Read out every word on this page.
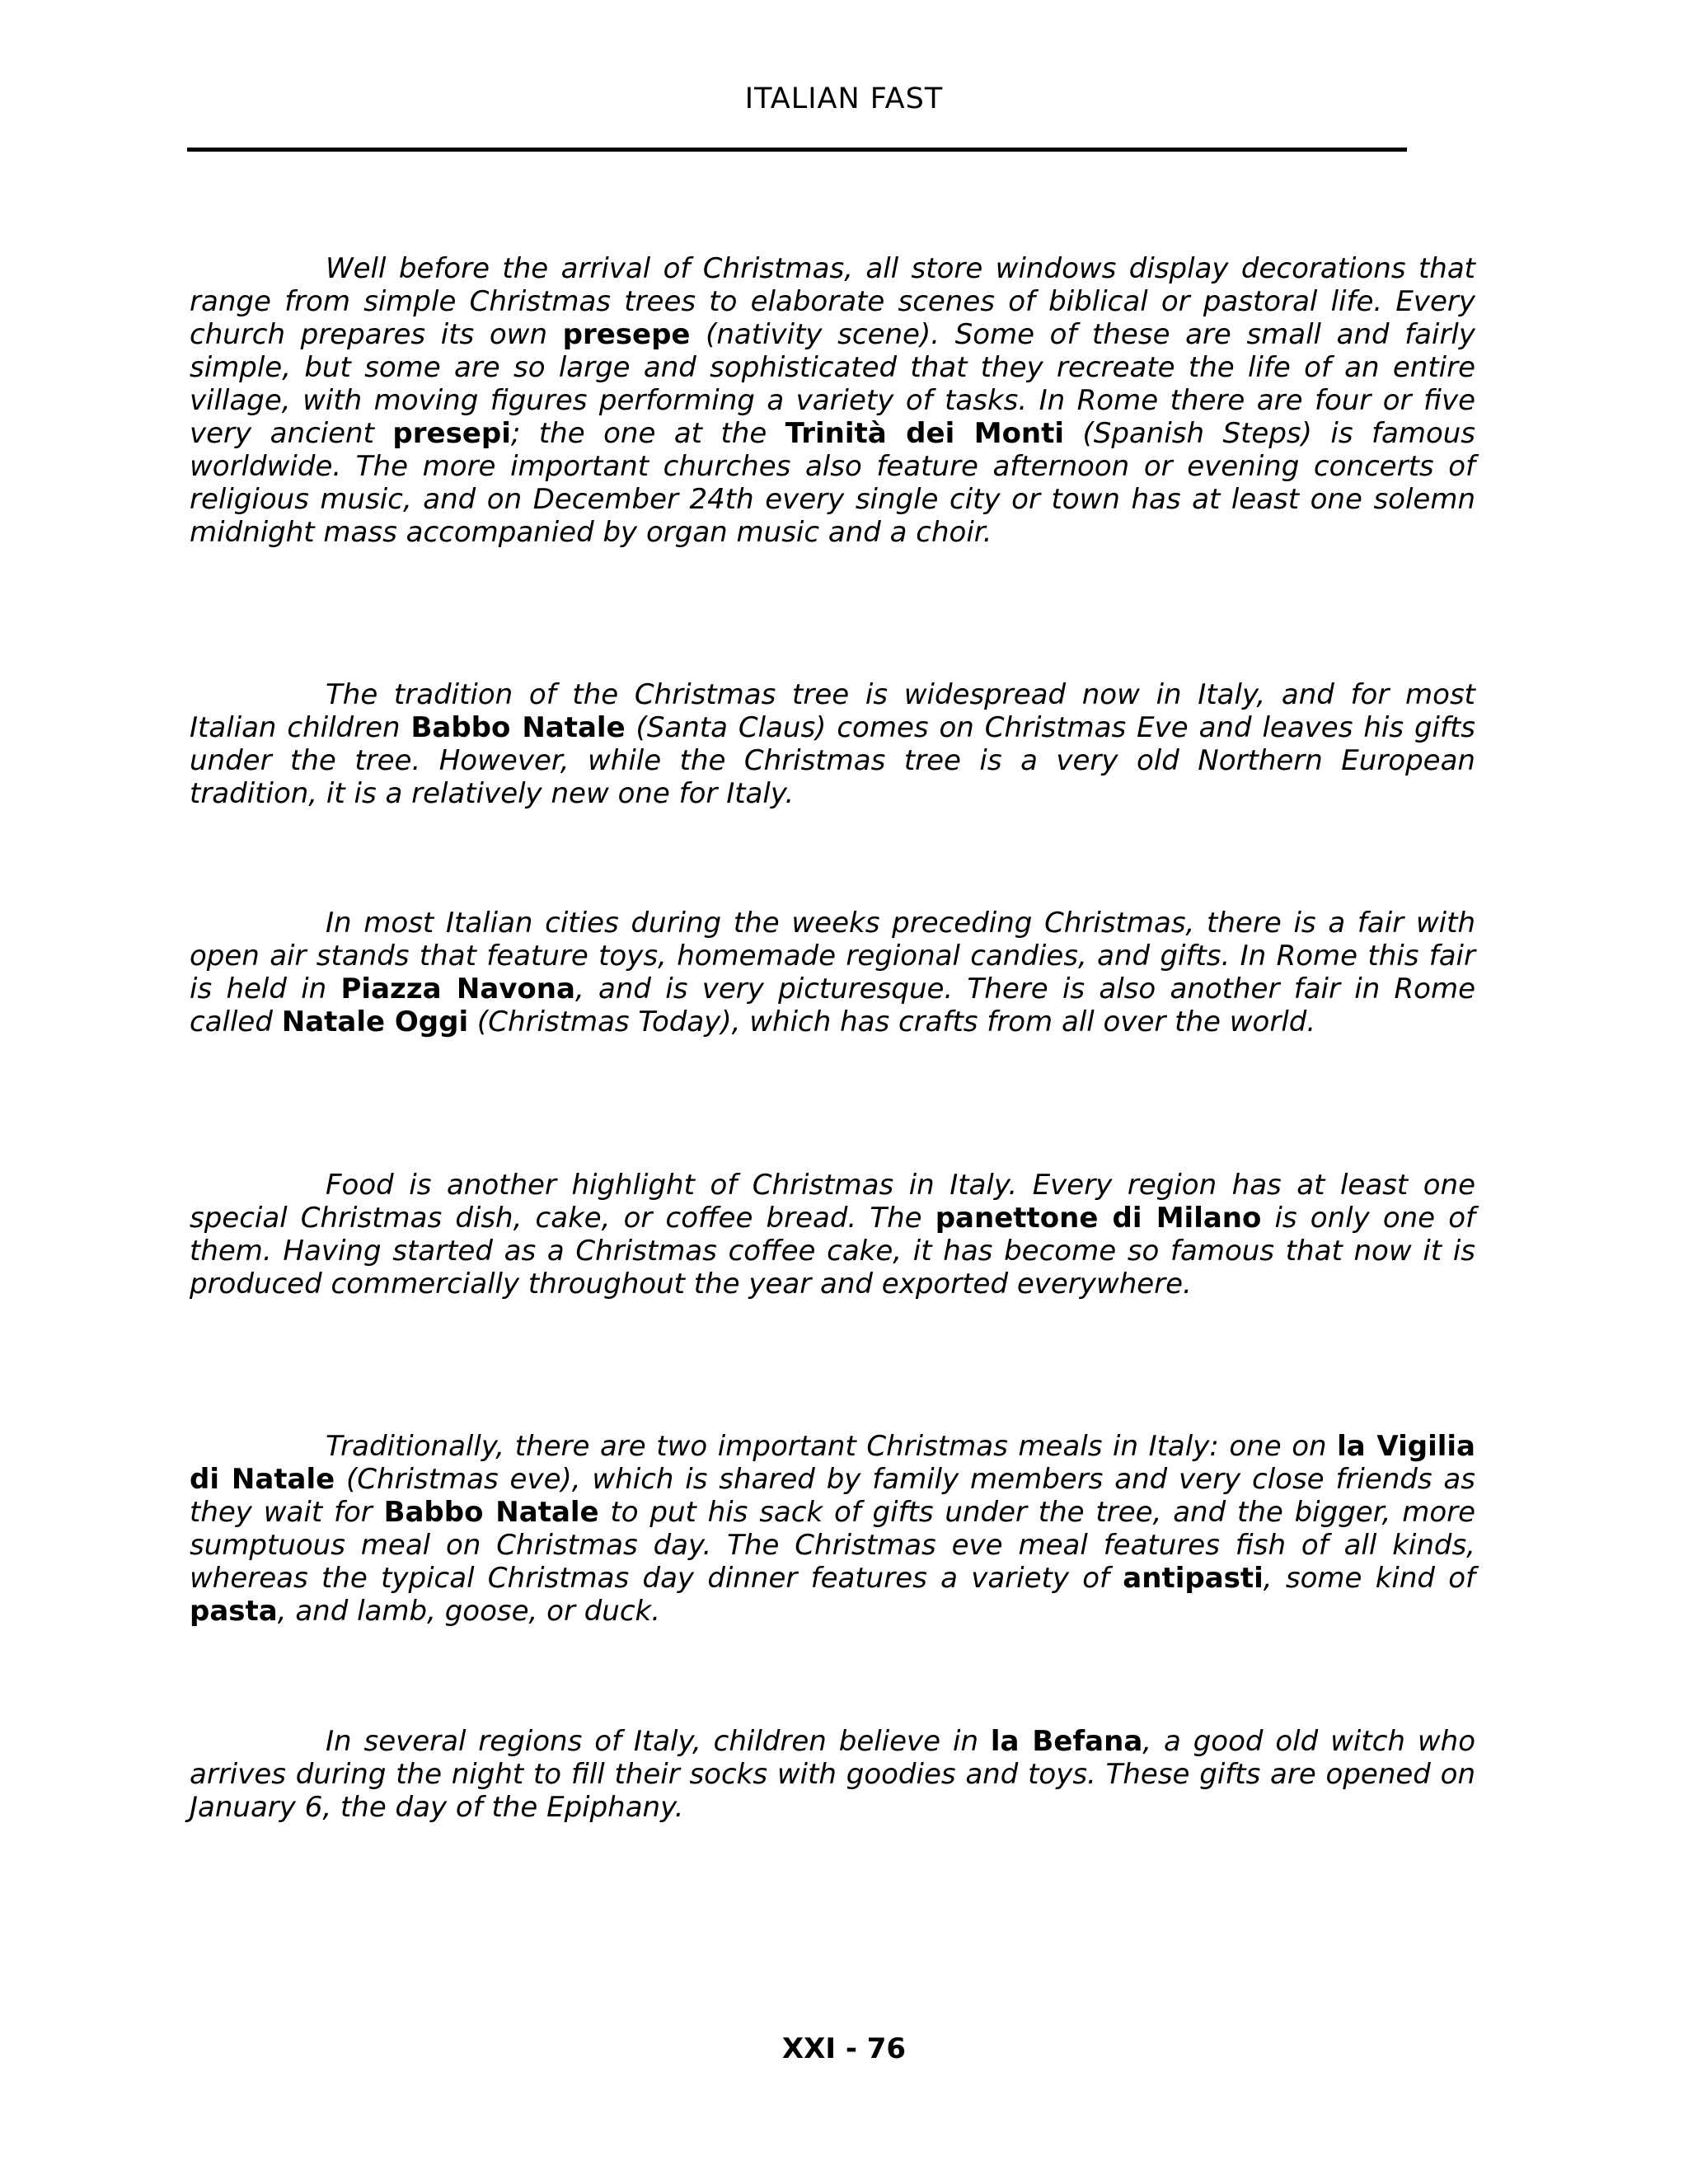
ITALIAN FAST

Well before the arrival of Christmas, all store windows display decorations that range from simple Christmas trees to elaborate scenes of biblical or pastoral life. Every church prepares its own presepe (nativity scene). Some of these are small and fairly simple, but some are so large and sophisticated that they recreate the life of an entire village, with moving figures performing a variety of tasks. In Rome there are four or five very ancient presepi; the one at the Trinità dei Monti (Spanish Steps) is famous worldwide. The more important churches also feature afternoon or evening concerts of religious music, and on December 24th every single city or town has at least one solemn midnight mass accompanied by organ music and a choir.

The tradition of the Christmas tree is widespread now in Italy, and for most Italian children Babbo Natale (Santa Claus) comes on Christmas Eve and leaves his gifts under the tree. However, while the Christmas tree is a very old Northern European tradition, it is a relatively new one for Italy.

In most Italian cities during the weeks preceding Christmas, there is a fair with open air stands that feature toys, homemade regional candies, and gifts. In Rome this fair is held in Piazza Navona, and is very picturesque. There is also another fair in Rome called Natale Oggi (Christmas Today), which has crafts from all over the world.

Food is another highlight of Christmas in Italy. Every region has at least one special Christmas dish, cake, or coffee bread. The panettone di Milano is only one of them. Having started as a Christmas coffee cake, it has become so famous that now it is produced commercially throughout the year and exported everywhere.

Traditionally, there are two important Christmas meals in Italy: one on la Vigilia di Natale (Christmas eve), which is shared by family members and very close friends as they wait for Babbo Natale to put his sack of gifts under the tree, and the bigger, more sumptuous meal on Christmas day. The Christmas eve meal features fish of all kinds, whereas the typical Christmas day dinner features a variety of antipasti, some kind of pasta, and lamb, goose, or duck.

In several regions of Italy, children believe in la Befana, a good old witch who arrives during the night to fill their socks with goodies and toys. These gifts are opened on January 6, the day of the Epiphany.

XXI - 76
